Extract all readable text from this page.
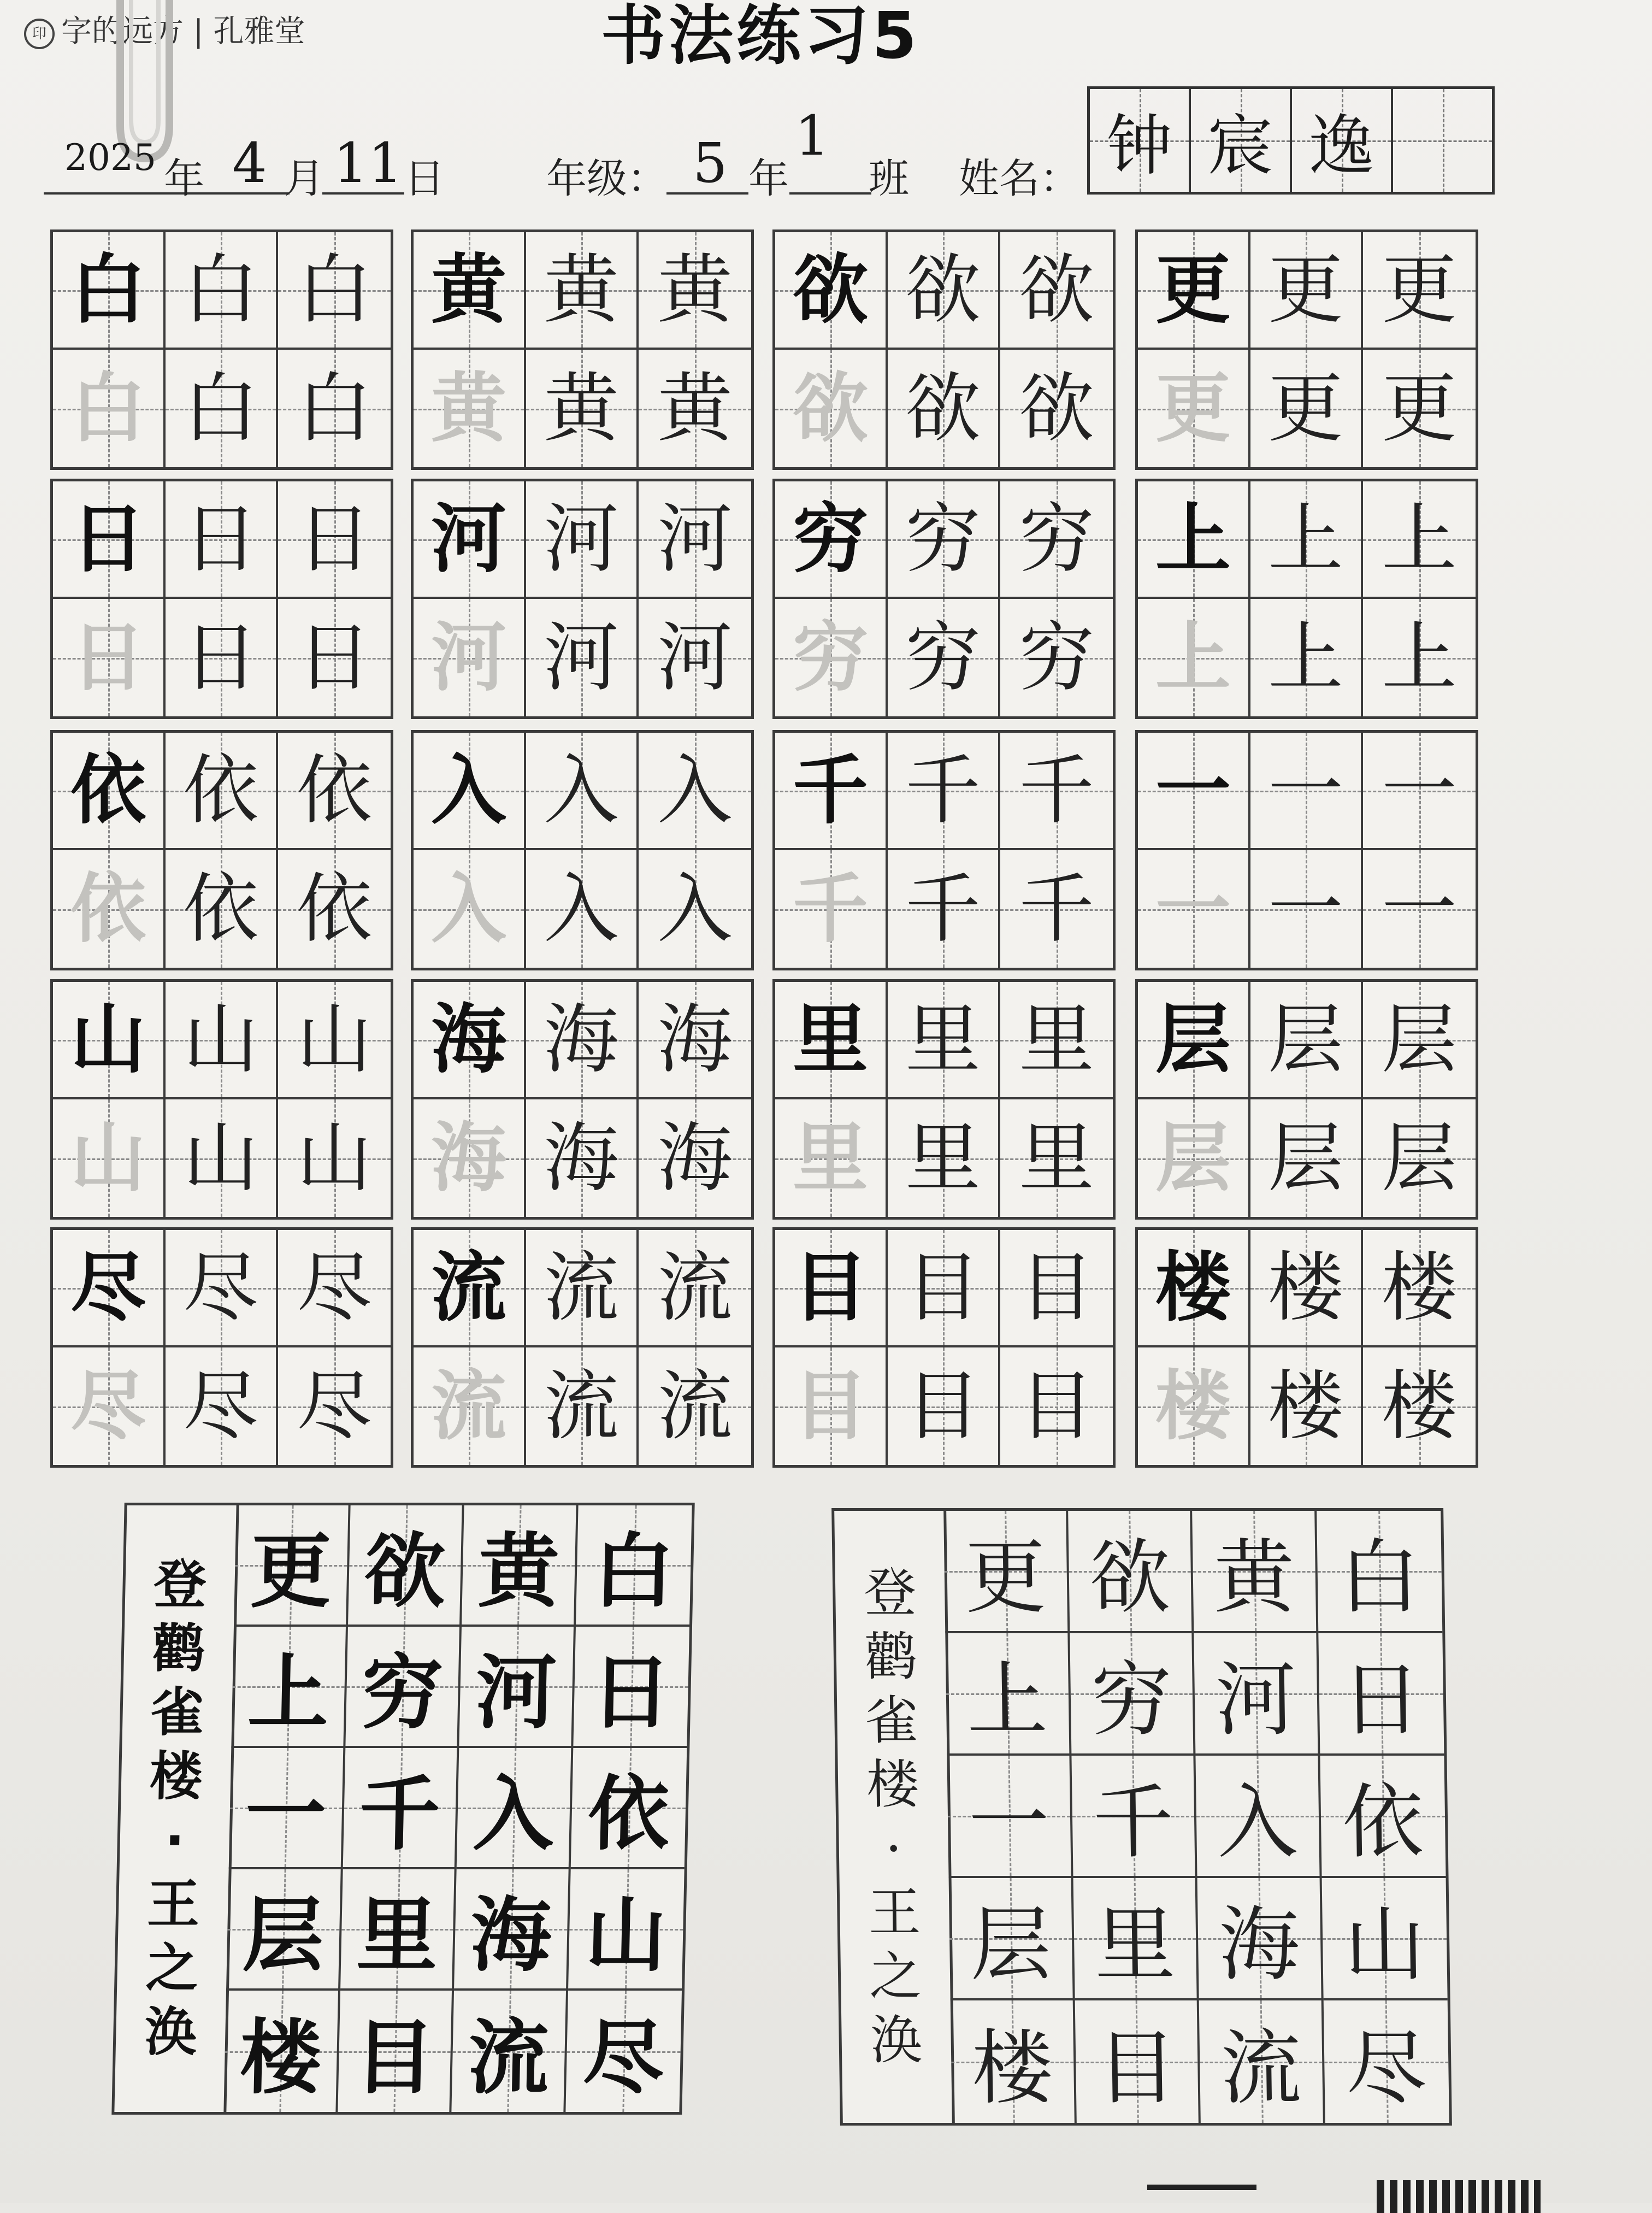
印 字的远方 | 孔雅堂	书法练习5
2025 年 4 月 11 日	年级： 5 年
1
班 姓名： 钟 宸 逸
白 白 白
白 白 白
黄 黄 黄
黄 黄 黄
欲 欲 欲
欲 欲 欲
更 更 更
更 更 更
日 日 日
日 日 日
河 河 河
河 河 河
穷 穷 穷
穷 穷 穷
上 上 上
上 上 上
依 依 依
依 依 依
入 入 入
入 入 入
千 千 千
千 千 千
一 一 一
一 一 一
山 山 山
山 山 山
海 海 海
海 海 海
里 里 里
里 里 里
层 层 层
层 层 层
尽 尽 尽
尽 尽 尽
流 流 流
流 流 流
目 目 目
目 目 目
楼 楼 楼
楼 楼 楼
登
鹳
雀
楼
·
王
之
涣
更 欲 黄 白
上 穷 河 日
一 千 入 依
层 里 海 山
楼 目 流 尽
登
鹳
雀
楼
·
王
之
涣
更 欲 黄 白
上 穷 河 日
一 千 入 依
层 里 海 山
楼 目 流 尽
